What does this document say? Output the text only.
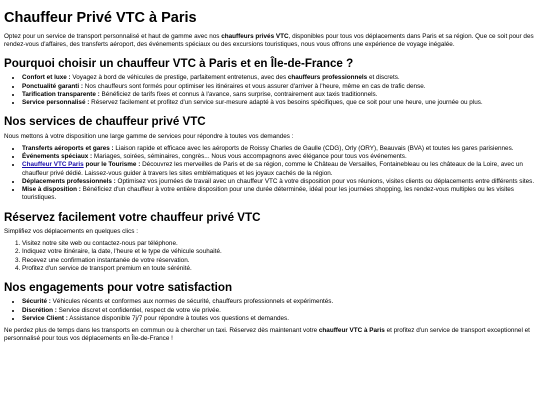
Chauffeur Privé VTC à Paris

Optez pour un service de transport personnalisé et haut de gamme avec nos chauffeurs privés VTC, disponibles pour tous vos déplacements dans Paris et sa région. Que ce soit pour des rendez-vous d'affaires, des transferts aéroport, des événements spéciaux ou des excursions touristiques, nous vous offrons une expérience de voyage inégalée.

Pourquoi choisir un chauffeur VTC à Paris et en Île-de-France ?
• Confort et luxe : Voyagez à bord de véhicules de prestige, parfaitement entretenus, avec des chauffeurs professionnels et discrets.
• Ponctualité garanti : Nos chauffeurs sont formés pour optimiser les itinéraires et vous assurer d'arriver à l'heure, même en cas de trafic dense.
• Tarification transparente : Bénéficiez de tarifs fixes et connus à l'avance, sans surprise, contrairement aux taxis traditionnels.
• Service personnalisé : Réservez facilement et profitez d'un service sur-mesure adapté à vos besoins spécifiques, que ce soit pour une heure, une journée ou plus.
Nos services de chauffeur privé VTC

Nous mettons à votre disposition une large gamme de services pour répondre à toutes vos demandes :

• Transferts aéroports et gares : Liaison rapide et efficace avec les aéroports de Roissy Charles de Gaulle (CDG), Orly (ORY), Beauvais (BVA) et toutes les gares parisiennes.
• Événements spéciaux : Mariages, soirées, séminaires, congrès... Nous vous accompagnons avec élégance pour tous vos événements.
• Chauffeur VTC Paris pour le Tourisme : Découvrez les merveilles de Paris et de sa région, comme le Château de Versailles, Fontainebleau ou les châteaux de la Loire, avec un chauffeur privé dédié. Laissez-vous guider à travers les sites emblématiques et les joyaux cachés de la région.
• Déplacements professionnels : Optimisez vos journées de travail avec un chauffeur VTC à votre disposition pour vos réunions, visites clients ou déplacements entre différents sites.
• Mise à disposition : Bénéficiez d'un chauffeur à votre entière disposition pour une durée déterminée, idéal pour les journées shopping, les rendez-vous multiples ou les visites touristiques.
Réservez facilement votre chauffeur privé VTC

Simplifiez vos déplacements en quelques clics :

1. Visitez notre site web ou contactez-nous par téléphone.
2. Indiquez votre itinéraire, la date, l'heure et le type de véhicule souhaité.
3. Recevez une confirmation instantanée de votre réservation.
4. Profitez d'un service de transport premium en toute sérénité.
Nos engagements pour votre satisfaction
• Sécurité : Véhicules récents et conformes aux normes de sécurité, chauffeurs professionnels et expérimentés.
• Discrétion : Service discret et confidentiel, respect de votre vie privée.
• Service Client : Assistance disponible 7j/7 pour répondre à toutes vos questions et demandes.

Ne perdez plus de temps dans les transports en commun ou à chercher un taxi. Réservez dès maintenant votre chauffeur VTC à Paris et profitez d'un service de transport exceptionnel et personnalisé pour tous vos déplacements en Île-de-France !
